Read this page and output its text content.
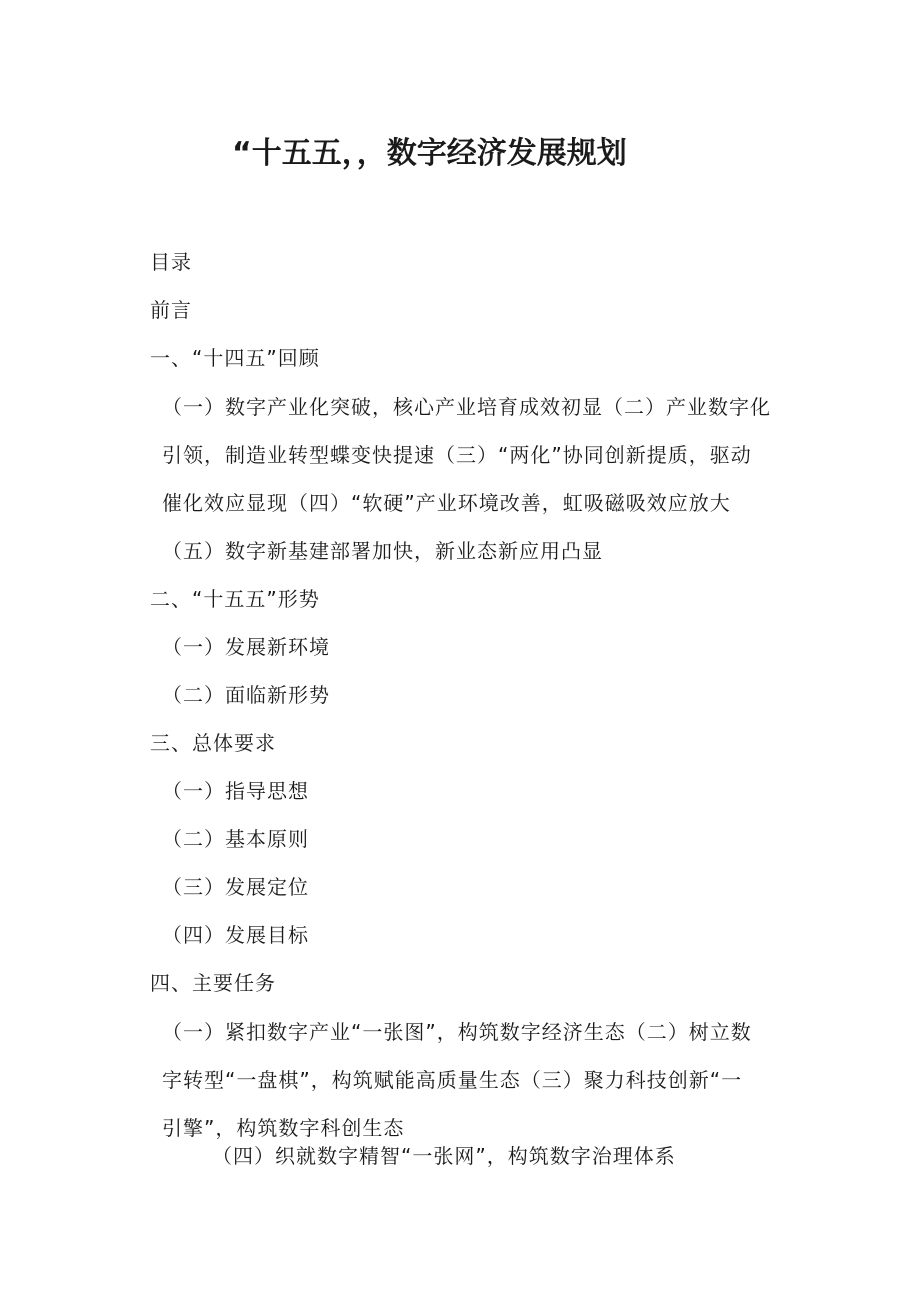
“十五五，，数字经济发展规划
目录
前言
一、“十四五”回顾
（一）数字产业化突破，核心产业培育成效初显（二）产业数字化
引领，制造业转型蝶变快提速（三）“两化”协同创新提质，驱动
催化效应显现（四）“软硬”产业环境改善，虹吸磁吸效应放大
（五）数字新基建部署加快，新业态新应用凸显
二、“十五五”形势
（一）发展新环境
（二）面临新形势
三、总体要求
（一）指导思想
（二）基本原则
（三）发展定位
（四）发展目标
四、主要任务
（一）紧扣数字产业“一张图”，构筑数字经济生态（二）树立数
字转型“一盘棋”，构筑赋能高质量生态（三）聚力科技创新“一
引擎”，构筑数字科创生态
（四）织就数字精智“一张网”，构筑数字治理体系
